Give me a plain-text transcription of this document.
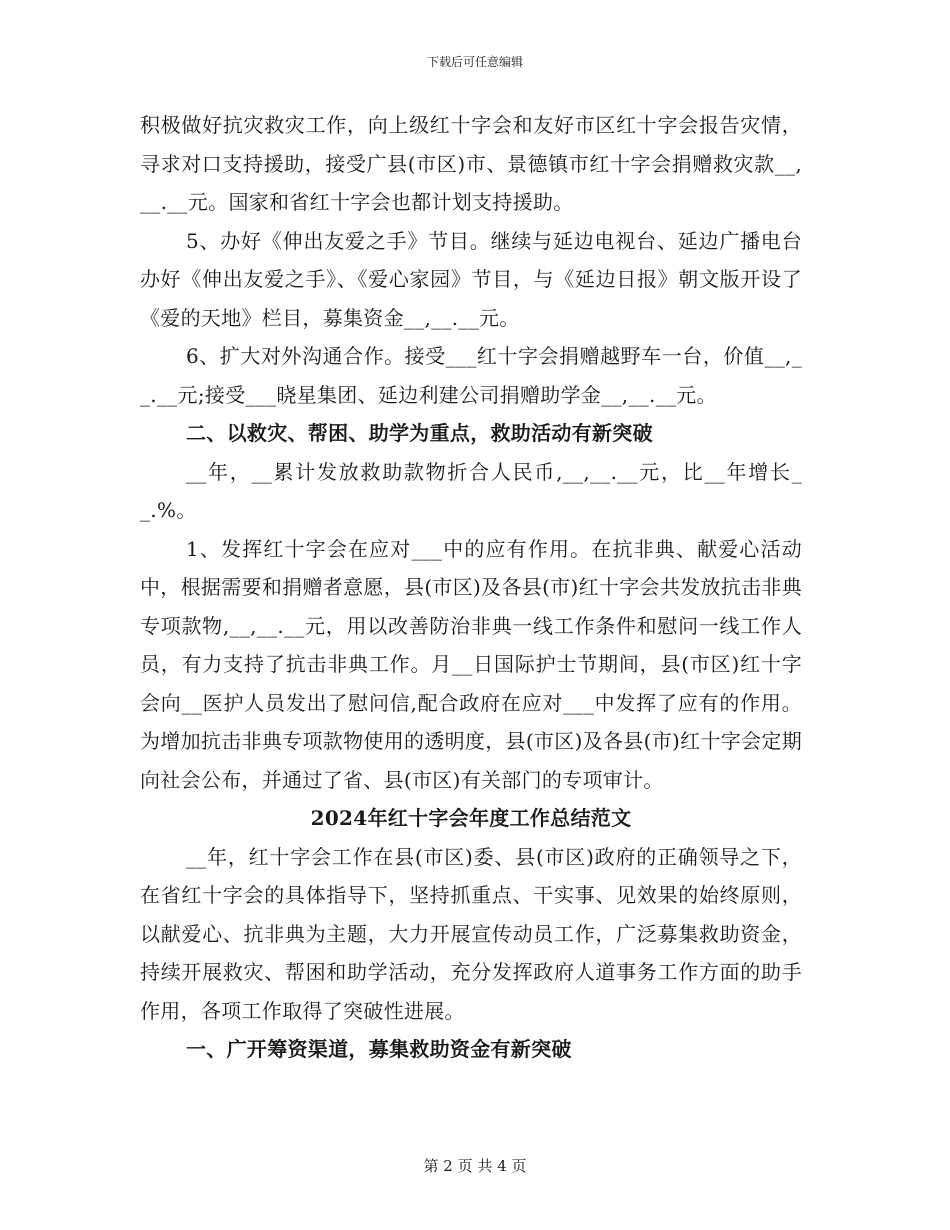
下载后可任意编辑

积极做好抗灾救灾工作，向上级红十字会和友好市区红十字会报告灾情，寻求对口支持援助，接受广县(市区)市、景德镇市红十字会捐赠救灾款__,__.__元。国家和省红十字会也都计划支持援助。

5、办好《伸出友爱之手》节目。继续与延边电视台、延边广播电台办好《伸出友爱之手》、《爱心家园》节目，与《延边日报》朝文版开设了《爱的天地》栏目，募集资金__,__.__元。

6、扩大对外沟通合作。接受___红十字会捐赠越野车一台，价值__,__.__元;接受___晓星集团、延边利建公司捐赠助学金__,__.__元。

二、以救灾、帮困、助学为重点，救助活动有新突破

__年，__累计发放救助款物折合人民币,__,__.__元，比__年增长__.%。

1、发挥红十字会在应对___中的应有作用。在抗非典、献爱心活动中，根据需要和捐赠者意愿，县(市区)及各县(市)红十字会共发放抗击非典专项款物,__,__.__元，用以改善防治非典一线工作条件和慰问一线工作人员，有力支持了抗击非典工作。月__日国际护士节期间，县(市区)红十字会向__医护人员发出了慰问信,配合政府在应对___中发挥了应有的作用。为增加抗击非典专项款物使用的透明度，县(市区)及各县(市)红十字会定期向社会公布，并通过了省、县(市区)有关部门的专项审计。

2024年红十字会年度工作总结范文

__年，红十字会工作在县(市区)委、县(市区)政府的正确领导之下，在省红十字会的具体指导下，坚持抓重点、干实事、见效果的始终原则，以献爱心、抗非典为主题，大力开展宣传动员工作，广泛募集救助资金，持续开展救灾、帮困和助学活动，充分发挥政府人道事务工作方面的助手作用，各项工作取得了突破性进展。

一、广开筹资渠道，募集救助资金有新突破

第 2 页 共 4 页
